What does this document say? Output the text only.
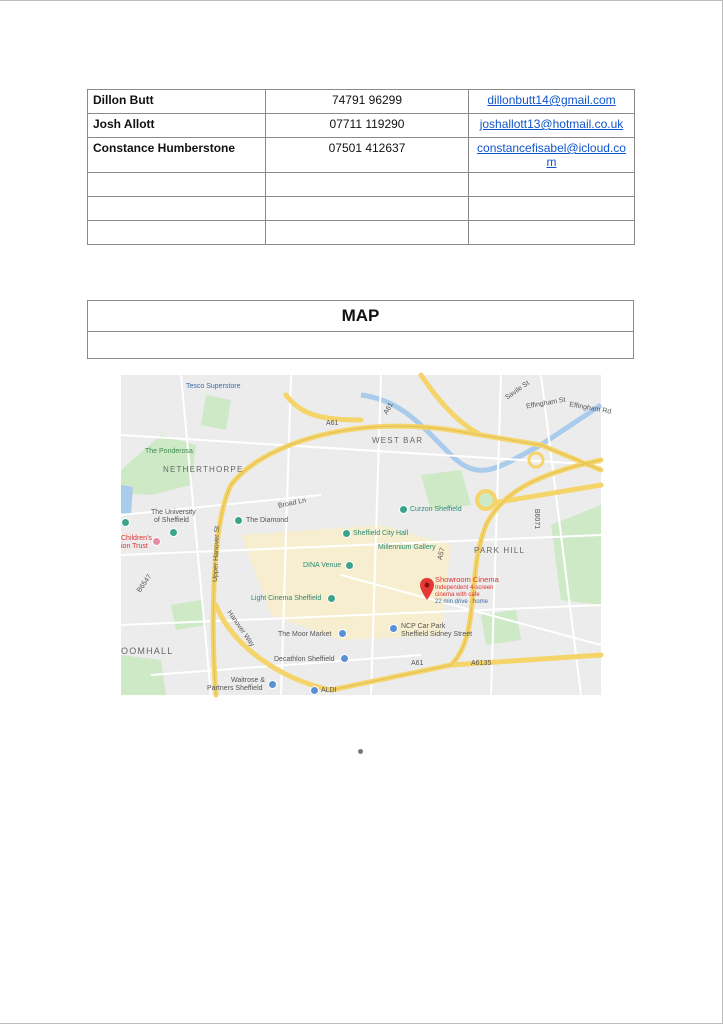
Dillon Butt	74791 96299	dillonbutt14@gmail.com
Josh Allott	07711 119290	joshallott13@hotmail.co.uk
Constance Humberstone	07501 412637	constancefisabel@icloud.co
m

MAP

WEST BAR
NETHERTHORPE
PARK HILL
OOMHALL
A61
A61
A61
A57
A6135
B6071
Broad Ln
Upper Hanover St
Hanover Way
Effingham St Effingham Rd
Savile St
B6547
Tesco Superstore
The Ponderosa
The University
of Sheffield
Children's
ion Trust
The Diamond
Curzon Sheffield
Sheffield City Hall
Millennium Gallery
DINA Venue
Light Cinema Sheffield
The Moor Market
NCP Car Park
Sheffield Sidney Street
Decathlon Sheffield
Waitrose &
Partners Sheffield	ALDI
Showroom Cinema
Independent 4-screen
cinema with cafe
22 min drive · home
